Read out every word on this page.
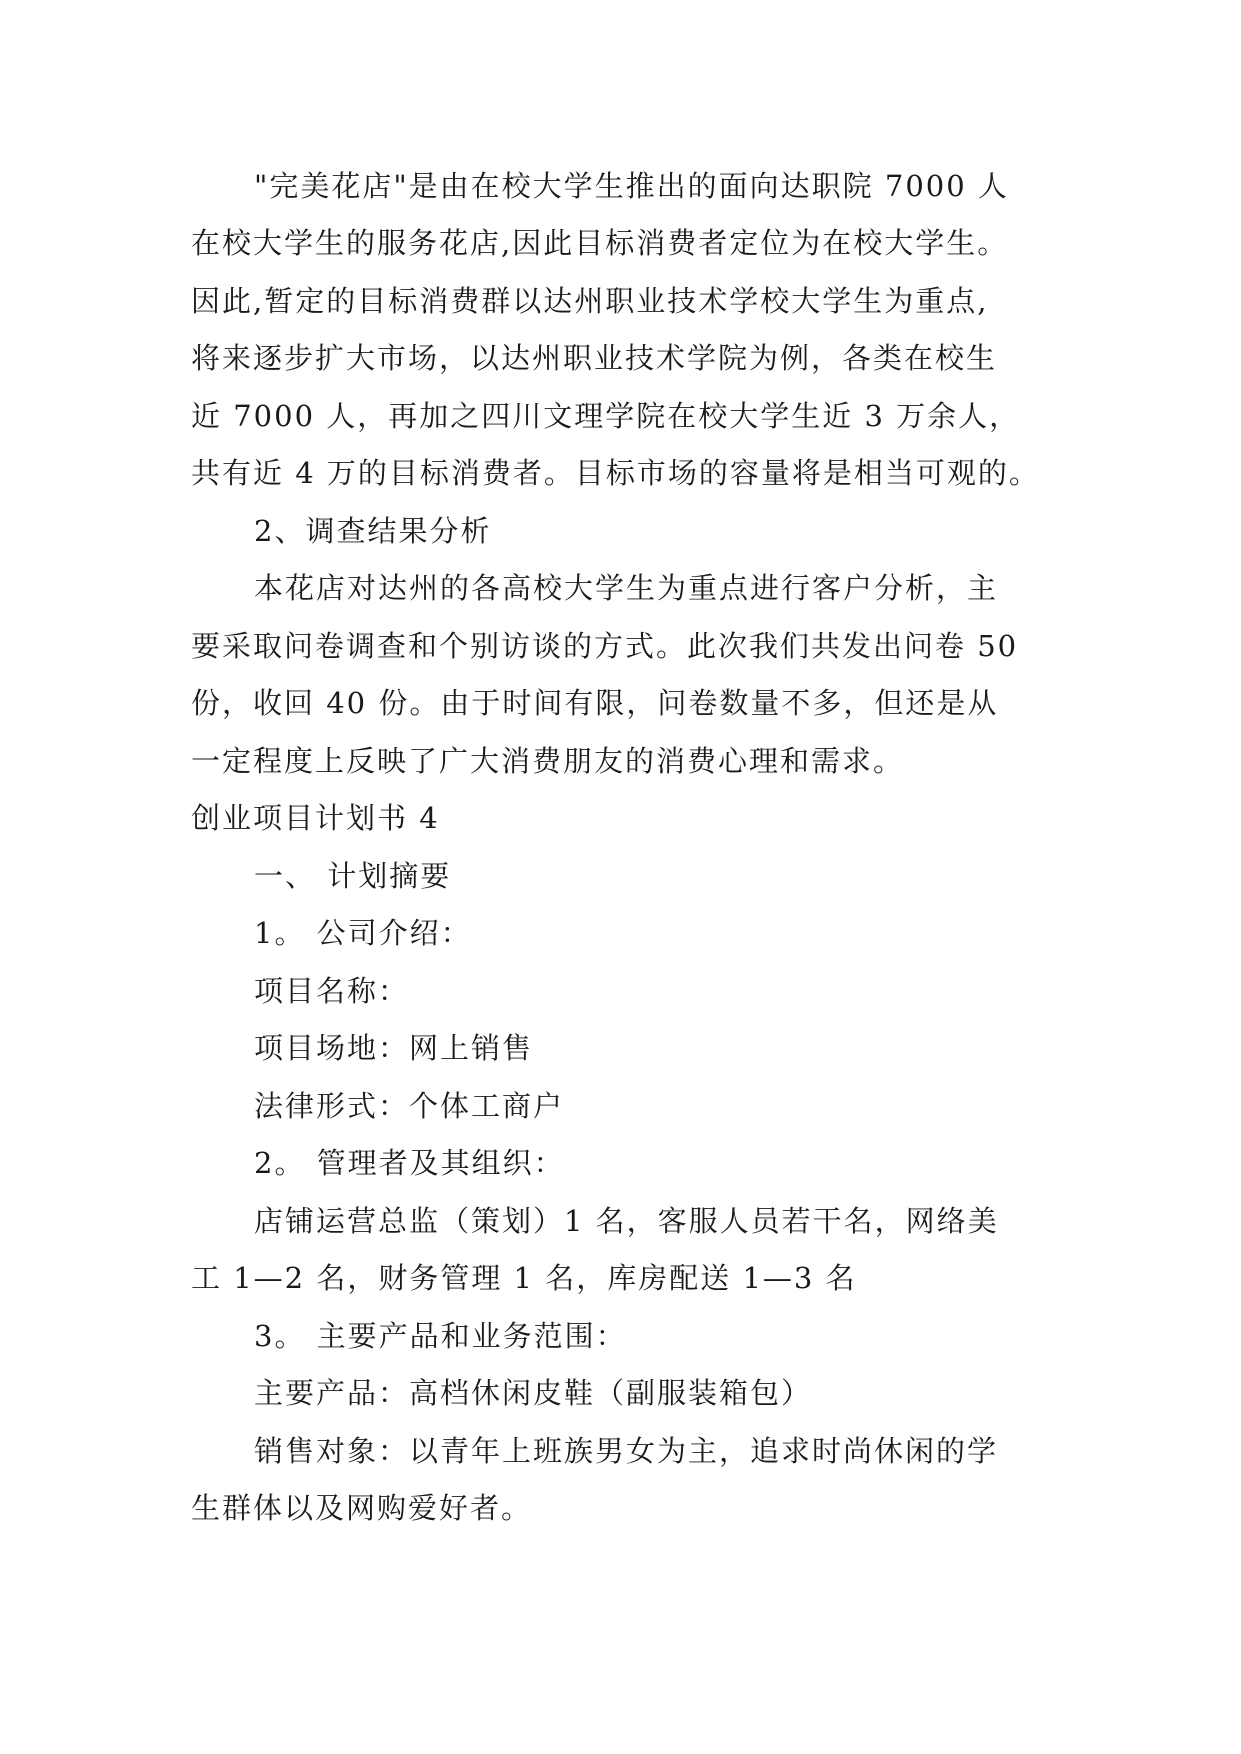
"完美花店"是由在校大学生推出的面向达职院 7000 人
在校大学生的服务花店,因此目标消费者定位为在校大学生。
因此,暂定的目标消费群以达州职业技术学校大学生为重点,
将来逐步扩大市场，以达州职业技术学院为例，各类在校生
近 7000 人，再加之四川文理学院在校大学生近 3 万余人，
共有近 4 万的目标消费者。目标市场的容量将是相当可观的。
2、调查结果分析
本花店对达州的各高校大学生为重点进行客户分析，主
要采取问卷调查和个别访谈的方式。此次我们共发出问卷 50
份，收回 40 份。由于时间有限，问卷数量不多，但还是从
一定程度上反映了广大消费朋友的消费心理和需求。
创业项目计划书 4
一、 计划摘要
1。 公司介绍：
项目名称：
项目场地：网上销售
法律形式：个体工商户
2。 管理者及其组织：
店铺运营总监（策划）1 名，客服人员若干名，网络美
工 1—2 名，财务管理 1 名，库房配送 1—3 名
3。 主要产品和业务范围：
主要产品：高档休闲皮鞋（副服装箱包）
销售对象：以青年上班族男女为主，追求时尚休闲的学
生群体以及网购爱好者。
